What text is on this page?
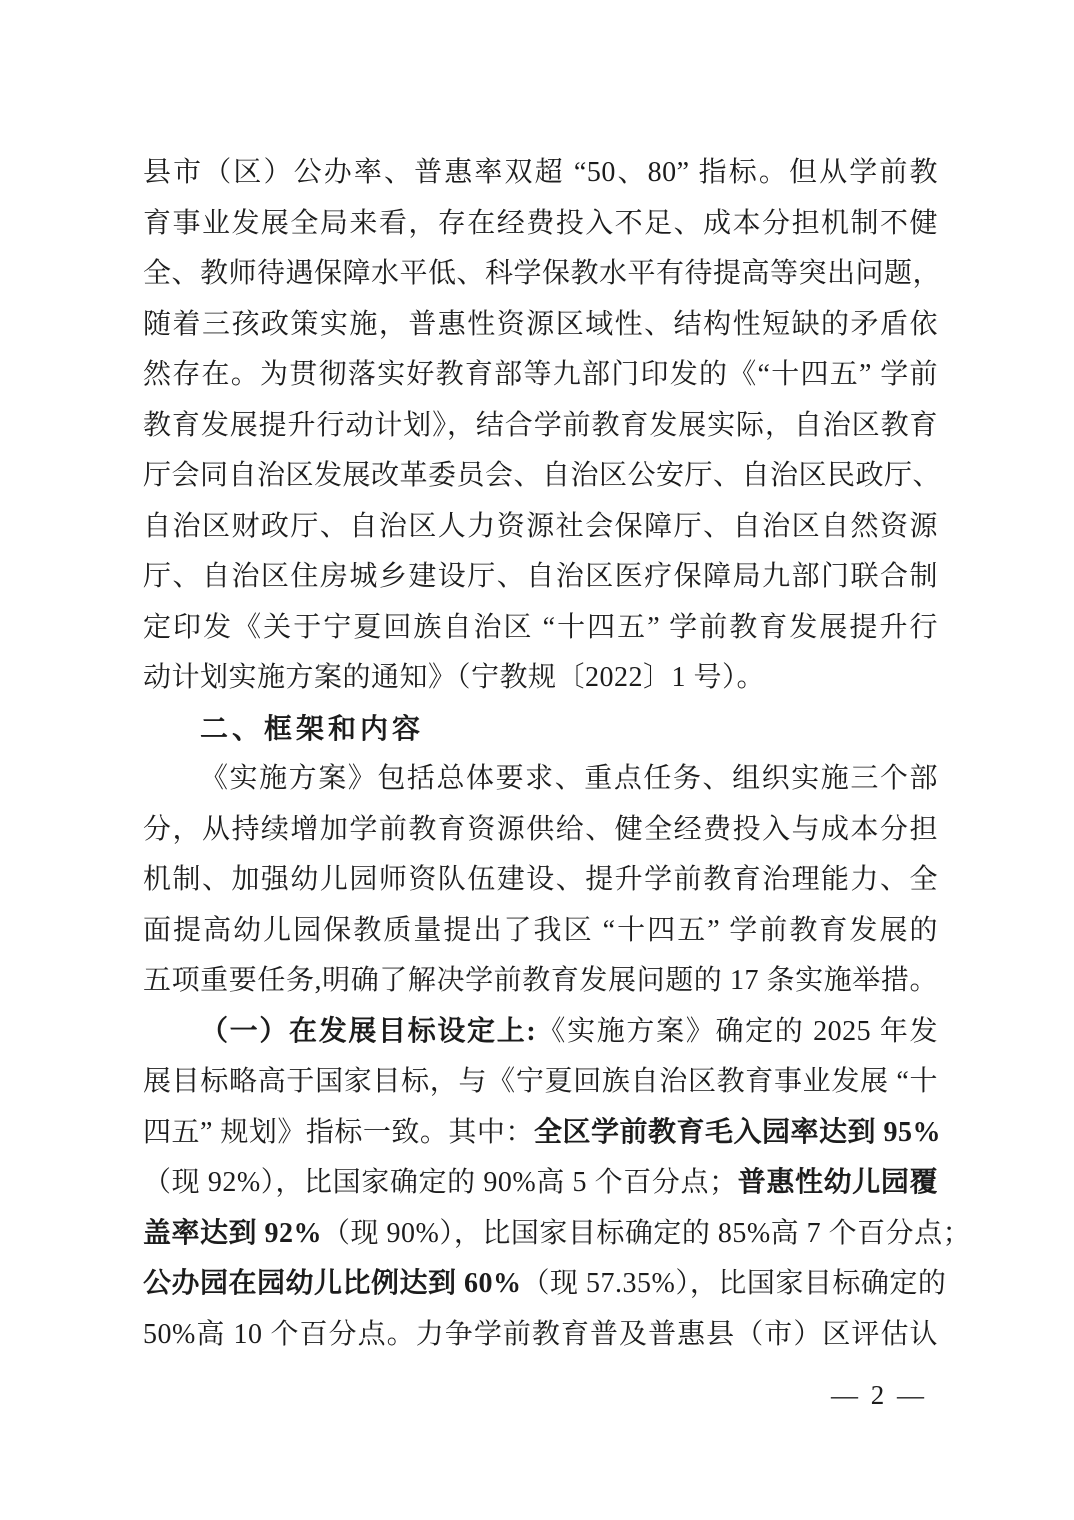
县市（区）公办率、普惠率双超 “50、80” 指标。但从学前教
育事业发展全局来看，存在经费投入不足、成本分担机制不健
全、教师待遇保障水平低、科学保教水平有待提高等突出问题，
随着三孩政策实施，普惠性资源区域性、结构性短缺的矛盾依
然存在。为贯彻落实好教育部等九部门印发的《“十四五” 学前
教育发展提升行动计划》，结合学前教育发展实际，自治区教育
厅会同自治区发展改革委员会、自治区公安厅、自治区民政厅、
自治区财政厅、自治区人力资源社会保障厅、自治区自然资源
厅、自治区住房城乡建设厅、自治区医疗保障局九部门联合制
定印发《关于宁夏回族自治区 “十四五” 学前教育发展提升行
动计划实施方案的通知》（宁教规〔2022〕1 号）。
二、框架和内容
《实施方案》包括总体要求、重点任务、组织实施三个部
分，从持续增加学前教育资源供给、健全经费投入与成本分担
机制、加强幼儿园师资队伍建设、提升学前教育治理能力、全
面提高幼儿园保教质量提出了我区 “十四五” 学前教育发展的
五项重要任务,明确了解决学前教育发展问题的 17 条实施举措。
（一）在发展目标设定上:《实施方案》确定的 2025 年发
展目标略高于国家目标，与《宁夏回族自治区教育事业发展 “十
四五” 规划》指标一致。其中：全区学前教育毛入园率达到 95%
（现 92%），比国家确定的 90%高 5 个百分点；普惠性幼儿园覆
盖率达到 92%（现 90%），比国家目标确定的 85%高 7 个百分点；
公办园在园幼儿比例达到 60%（现 57.35%），比国家目标确定的
50%高 10 个百分点。力争学前教育普及普惠县（市）区评估认
— 2 —
